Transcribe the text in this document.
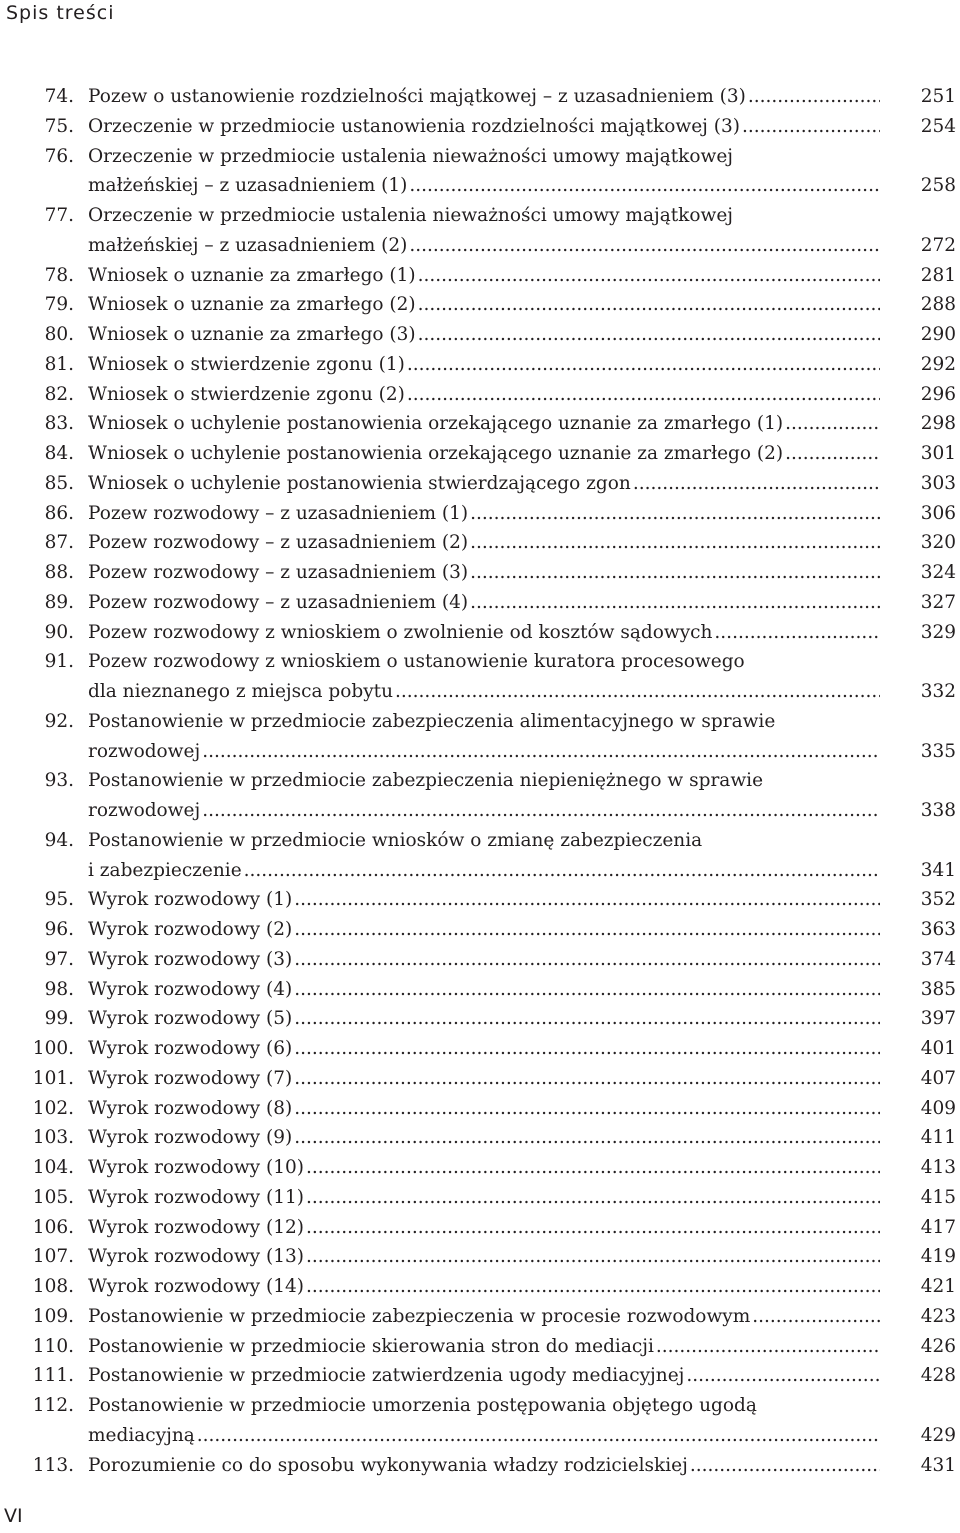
Spis treści
74. Pozew o ustanowienie rozdzielności majątkowej – z uzasadnieniem (3) .....	251
75. Orzeczenie w przedmiocie ustanowienia rozdzielności majątkowej (3) .....	254
76. Orzeczenie w przedmiocie ustalenia nieważności umowy majątkowej
małżeńskiej – z uzasadnieniem (1) .....	258
77. Orzeczenie w przedmiocie ustalenia nieważności umowy majątkowej
małżeńskiej – z uzasadnieniem (2) .....	272
78. Wniosek o uznanie za zmarłego (1) .....	281
79. Wniosek o uznanie za zmarłego (2) .....	288
80. Wniosek o uznanie za zmarłego (3) .....	290
81. Wniosek o stwierdzenie zgonu (1) .....	292
82. Wniosek o stwierdzenie zgonu (2) .....	296
83. Wniosek o uchylenie postanowienia orzekającego uznanie za zmarłego (1) .....	298
84. Wniosek o uchylenie postanowienia orzekającego uznanie za zmarłego (2) .....	301
85. Wniosek o uchylenie postanowienia stwierdzającego zgon .....	303
86. Pozew rozwodowy – z uzasadnieniem (1) .....	306
87. Pozew rozwodowy – z uzasadnieniem (2) .....	320
88. Pozew rozwodowy – z uzasadnieniem (3) .....	324
89. Pozew rozwodowy – z uzasadnieniem (4) .....	327
90. Pozew rozwodowy z wnioskiem o zwolnienie od kosztów sądowych .....	329
91. Pozew rozwodowy z wnioskiem o ustanowienie kuratora procesowego
dla nieznanego z miejsca pobytu .....	332
92. Postanowienie w przedmiocie zabezpieczenia alimentacyjnego w sprawie
rozwodowej .....	335
93. Postanowienie w przedmiocie zabezpieczenia niepieniężnego w sprawie
rozwodowej .....	338
94. Postanowienie w przedmiocie wniosków o zmianę zabezpieczenia
i zabezpieczenie .....	341
95. Wyrok rozwodowy (1) .....	352
96. Wyrok rozwodowy (2) .....	363
97. Wyrok rozwodowy (3) .....	374
98. Wyrok rozwodowy (4) .....	385
99. Wyrok rozwodowy (5) .....	397
100. Wyrok rozwodowy (6) .....	401
101. Wyrok rozwodowy (7) .....	407
102. Wyrok rozwodowy (8) .....	409
103. Wyrok rozwodowy (9) .....	411
104. Wyrok rozwodowy (10) .....	413
105. Wyrok rozwodowy (11) .....	415
106. Wyrok rozwodowy (12) .....	417
107. Wyrok rozwodowy (13) .....	419
108. Wyrok rozwodowy (14) .....	421
109. Postanowienie w przedmiocie zabezpieczenia w procesie rozwodowym .....	423
110. Postanowienie w przedmiocie skierowania stron do mediacji .....	426
111. Postanowienie w przedmiocie zatwierdzenia ugody mediacyjnej .....	428
112. Postanowienie w przedmiocie umorzenia postępowania objętego ugodą
mediacyjną .....	429
113. Porozumienie co do sposobu wykonywania władzy rodzicielskiej .....	431
VI
